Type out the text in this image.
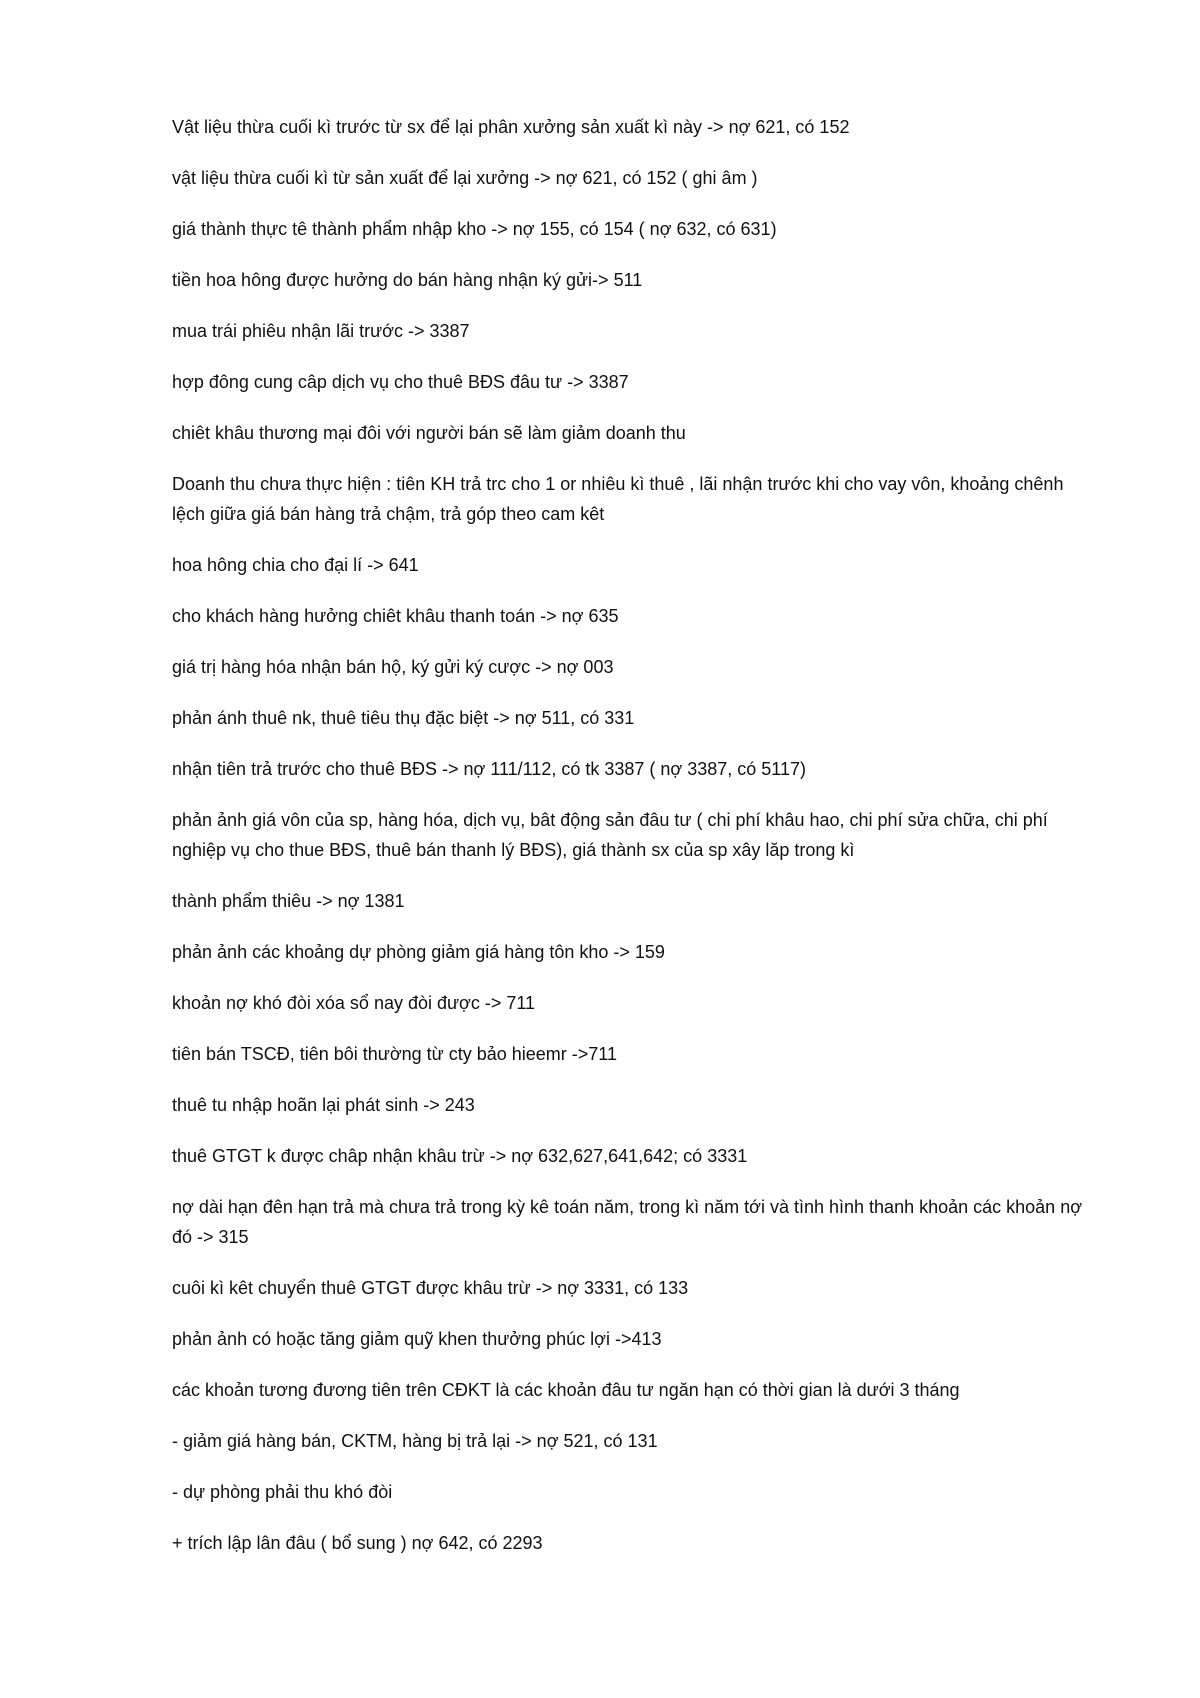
Vật liệu thừa cuối kì trước từ sx để lại phân xưởng sản xuất kì này -> nợ 621, có 152

vật liệu thừa cuối kì từ sản xuất để lại xưởng -> nợ 621, có 152 ( ghi âm )

giá thành thực tê thành phẩm nhập kho -> nợ 155, có 154 ( nợ 632, có 631)

tiền hoa hông được hưởng do bán hàng nhận ký gửi-> 511

mua trái phiêu nhận lãi trước -> 3387

hợp đông cung câp dịch vụ cho thuê BĐS đâu tư -> 3387

chiêt khâu thương mại đôi với người bán sẽ làm giảm doanh thu

Doanh thu chưa thực hiện : tiên KH trả trc cho 1 or nhiêu kì thuê , lãi nhận trước khi cho vay vôn, khoảng chênh lệch giữa giá bán hàng trả chậm, trả góp theo cam kêt

hoa hông chia cho đại lí -> 641

cho khách hàng hưởng chiêt khâu thanh toán -> nợ 635

giá trị hàng hóa nhận bán hộ, ký gửi ký cược -> nợ 003

phản ánh thuê nk, thuê tiêu thụ đặc biệt -> nợ 511, có 331

nhận tiên trả trước cho thuê BĐS -> nợ 111/112, có tk 3387 ( nợ 3387, có 5117)

phản ảnh giá vôn của sp, hàng hóa, dịch vụ, bât động sản đâu tư ( chi phí khâu hao, chi phí sửa chữa, chi phí nghiệp vụ cho thue BĐS, thuê bán thanh lý BĐS), giá thành sx của sp xây lăp trong kì

thành phẩm thiêu -> nợ 1381

phản ảnh các khoảng dự phòng giảm giá hàng tôn kho -> 159

khoản nợ khó đòi xóa sổ nay đòi được -> 711

tiên bán TSCĐ, tiên bôi thường từ cty bảo hieemr ->711

thuê tu nhập hoãn lại phát sinh -> 243

thuê GTGT k được châp nhận khâu trừ -> nợ 632,627,641,642; có 3331

nợ dài hạn đên hạn trả mà chưa trả trong kỳ kê toán năm, trong kì năm tới và tình hình thanh khoản các khoản nợ đó -> 315

cuôi kì kêt chuyển thuê GTGT được khâu trừ -> nợ 3331, có 133

phản ảnh có hoặc tăng giảm quỹ khen thưởng phúc lợi ->413

các khoản tương đương tiên trên CĐKT là các khoản đâu tư ngăn hạn có thời gian là dưới 3 tháng

- giảm giá hàng bán, CKTM, hàng bị trả lại -> nợ 521, có 131

- dự phòng phải thu khó đòi

+ trích lập lân đâu ( bổ sung ) nợ 642, có 2293
